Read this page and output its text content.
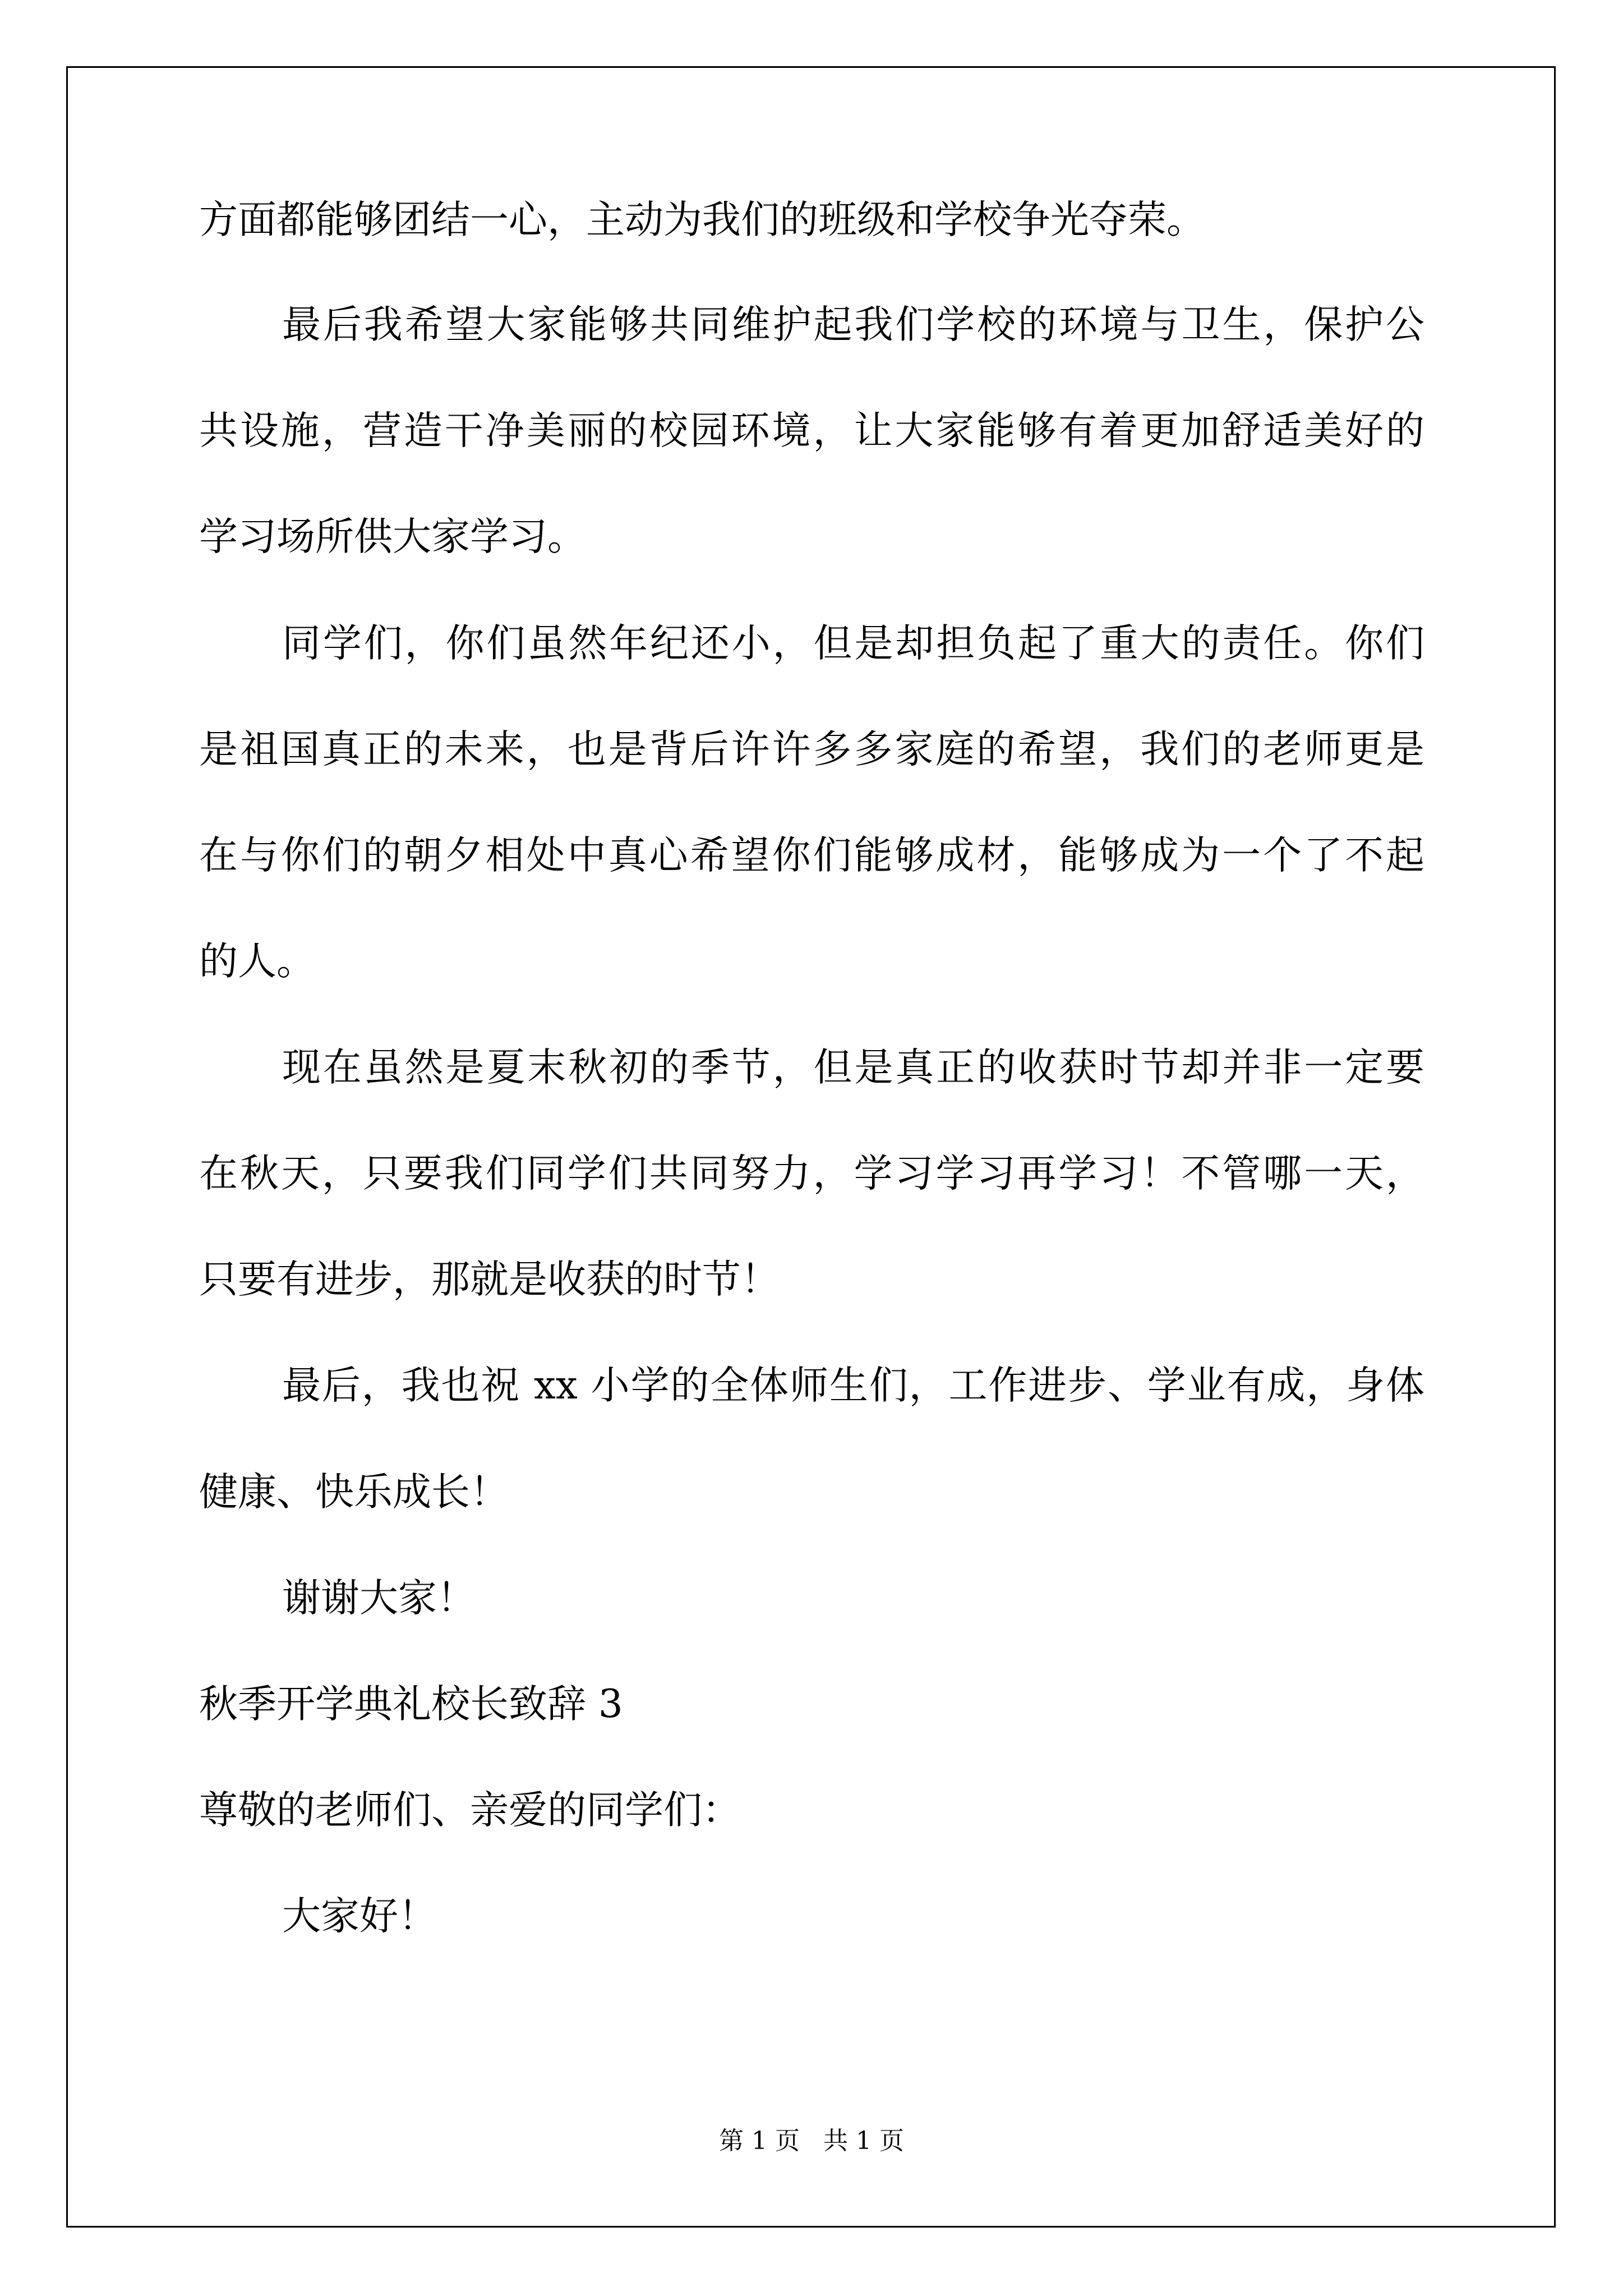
方面都能够团结一心，主动为我们的班级和学校争光夺荣。
最后我希望大家能够共同维护起我们学校的环境与卫生，保护公
共设施，营造干净美丽的校园环境，让大家能够有着更加舒适美好的
学习场所供大家学习。
同学们，你们虽然年纪还小，但是却担负起了重大的责任。你们
是祖国真正的未来，也是背后许许多多家庭的希望，我们的老师更是
在与你们的朝夕相处中真心希望你们能够成材，能够成为一个了不起
的人。
现在虽然是夏末秋初的季节，但是真正的收获时节却并非一定要
在秋天，只要我们同学们共同努力，学习学习再学习！不管哪一天，
只要有进步，那就是收获的时节！
最后，我也祝 xx 小学的全体师生们，工作进步、学业有成，身体
健康、快乐成长！
谢谢大家！
秋季开学典礼校长致辞 3
尊敬的老师们、亲爱的同学们：
大家好！
第 1 页   共 1 页
